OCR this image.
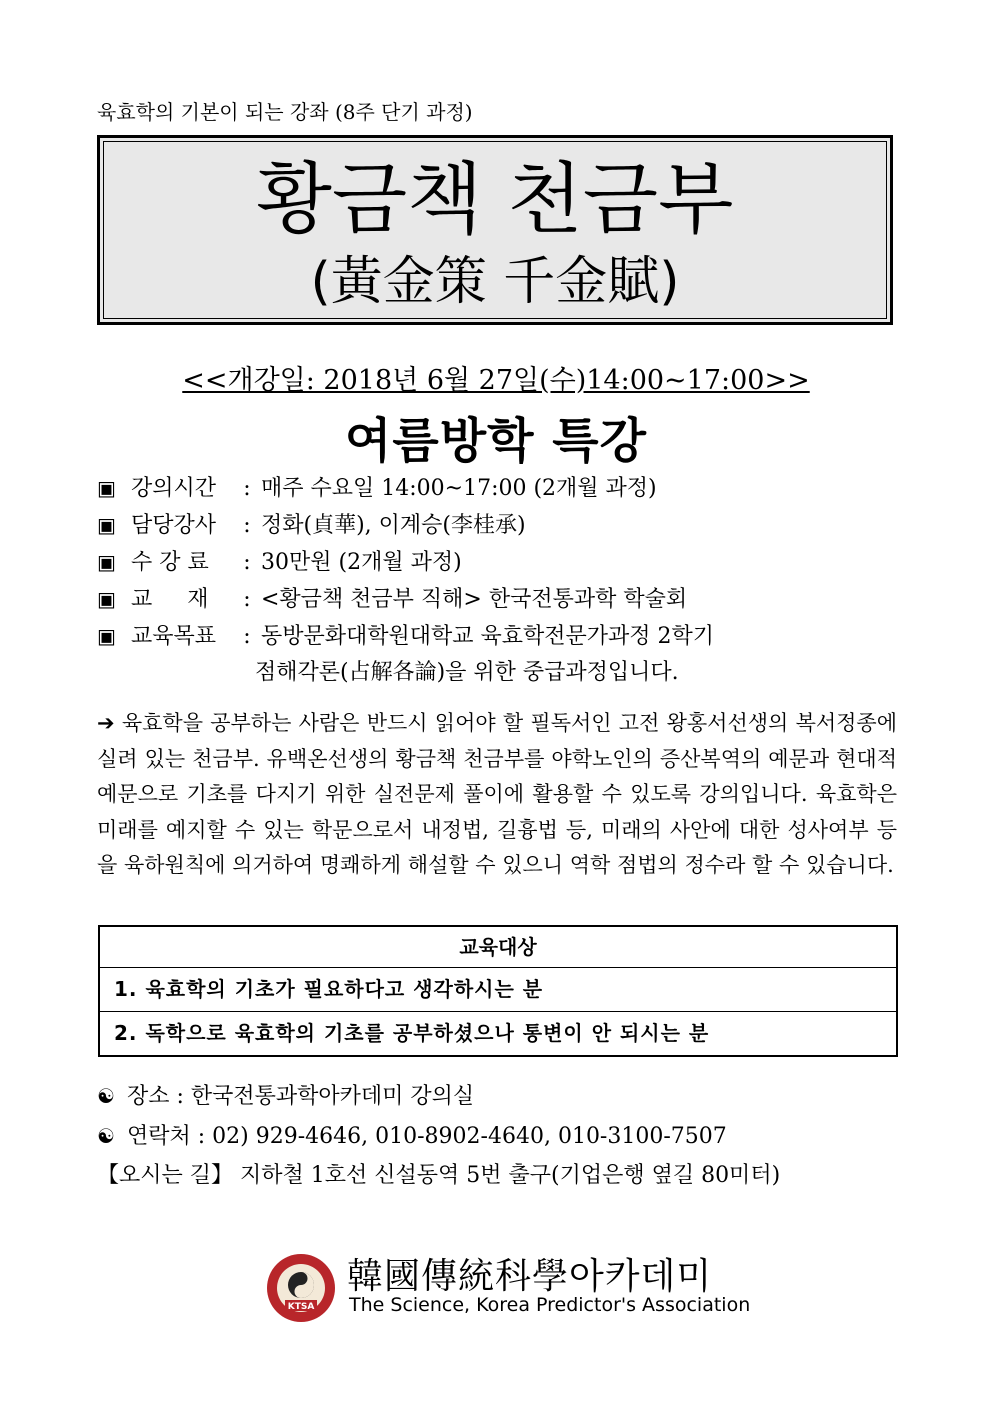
육효학의 기본이 되는 강좌 (8주 단기 과정)
황금책 천금부
(黃金策 千金賦)
<<개강일: 2018년 6월 27일(수)14:00~17:00>>
여름방학 특강
▣ 강의시간 : 매주 수요일 14:00~17:00 (2개월 과정)
▣ 담당강사 : 정화(貞華), 이계승(李桂承)
▣ 수 강 료 : 30만원 (2개월 과정)
▣ 교     재 : <황금책 천금부 직해> 한국전통과학 학술회
▣ 교육목표 : 동방문화대학원대학교 육효학전문가과정 2학기
점해각론(占解各論)을 위한 중급과정입니다.
➔ 육효학을 공부하는 사람은 반드시 읽어야 할 필독서인 고전 왕홍서선생의 복서정종에 실려 있는 천금부. 유백온선생의 황금책 천금부를 야학노인의 증산복역의 예문과 현대적 예문으로 기초를 다지기 위한 실전문제 풀이에 활용할 수 있도록 강의입니다. 육효학은 미래를 예지할 수 있는 학문으로서 내정법, 길흉법 등, 미래의 사안에 대한 성사여부 등을 육하원칙에 의거하여 명쾌하게 해설할 수 있으니 역학 점법의 정수라 할 수 있습니다.
교육대상
1. 육효학의 기초가 필요하다고 생각하시는 분
2. 독학으로 육효학의 기초를 공부하셨으나 통변이 안 되시는 분
☯ 장소 : 한국전통과학아카데미 강의실
☯ 연락처 : 02) 929-4646, 010-8902-4640, 010-3100-7507
【오시는 길】 지하철 1호선 신설동역 5번 출구(기업은행 옆길 80미터)
KTSA
韓國傳統科學아카데미
The Science, Korea Predictor's Association
